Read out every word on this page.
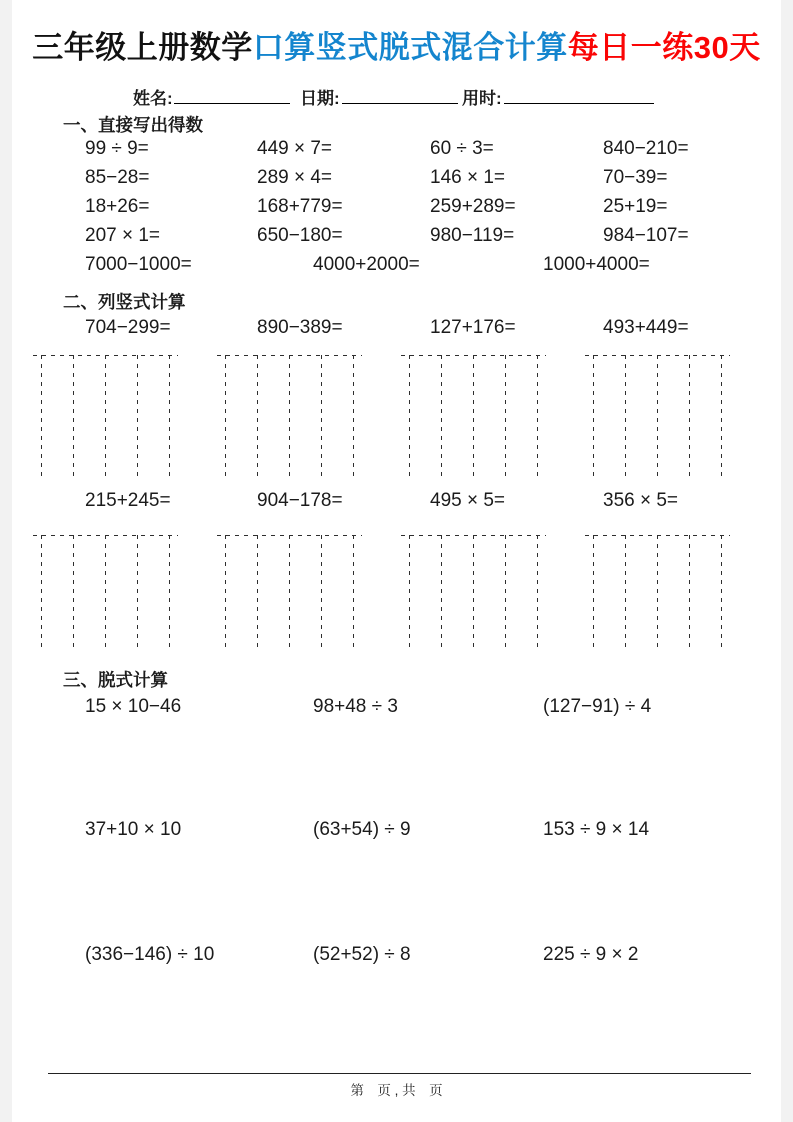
三年级上册数学口算竖式脱式混合计算每日一练30天
姓名:	日期:	用时:
一、直接写出得数
99 ÷ 9=	449 × 7=	60 ÷ 3=	840−210=
85−28=	289 × 4=	146 × 1=	70−39=
18+26=	168+779=	259+289=	25+19=
207 × 1=	650−180=	980−119=	984−107=
7000−1000=	4000+2000=	1000+4000=
二、列竖式计算
704−299=	890−389=	127+176=	493+449=
215+245=	904−178=	495 × 5=	356 × 5=
三、脱式计算
15 × 10−46	98+48 ÷ 3	(127−91) ÷ 4
37+10 × 10	(63+54) ÷ 9	153 ÷ 9 × 14
(336−146) ÷ 10	(52+52) ÷ 8	225 ÷ 9 × 2
第　页 , 共　页
